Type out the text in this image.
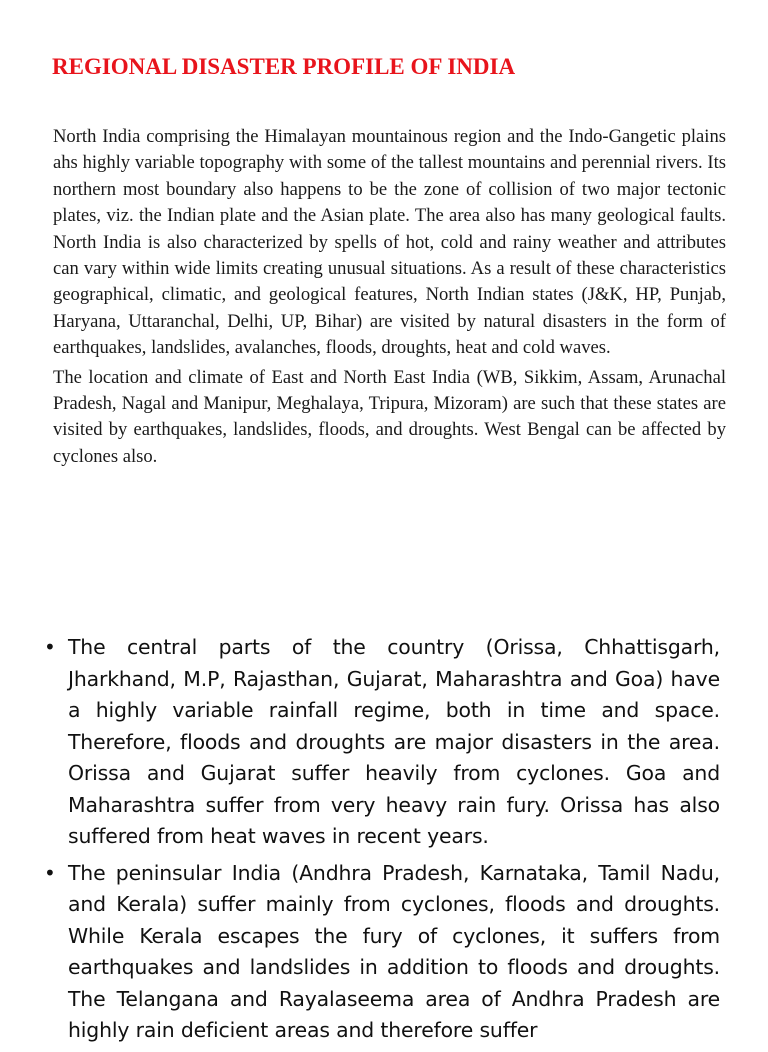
REGIONAL DISASTER PROFILE OF INDIA

North India comprising the Himalayan mountainous region and the Indo-Gangetic plains ahs highly variable topography with some of the tallest mountains and perennial rivers. Its northern most boundary also happens to be the zone of collision of two major tectonic plates, viz. the Indian plate and the Asian plate. The area also has many geological faults. North India is also characterized by spells of hot, cold and rainy weather and attributes can vary within wide limits creating unusual situations. As a result of these characteristics geographical, climatic, and geological features, North Indian states (J&K, HP, Punjab, Haryana, Uttaranchal, Delhi, UP, Bihar) are visited by natural disasters in the form of earthquakes, landslides, avalanches, floods, droughts, heat and cold waves.

The location and climate of East and North East India (WB, Sikkim, Assam, Arunachal Pradesh, Nagal and Manipur, Meghalaya, Tripura, Mizoram) are such that these states are visited by earthquakes, landslides, floods, and droughts. West Bengal can be affected by cyclones also.

• The central parts of the country (Orissa, Chhattisgarh, Jharkhand, M.P, Rajasthan, Gujarat, Maharashtra and Goa) have a highly variable rainfall regime, both in time and space. Therefore, floods and droughts are major disasters in the area. Orissa and Gujarat suffer heavily from cyclones. Goa and Maharashtra suffer from very heavy rain fury. Orissa has also suffered from heat waves in recent years.
• The peninsular India (Andhra Pradesh, Karnataka, Tamil Nadu, and Kerala) suffer mainly from cyclones, floods and droughts. While Kerala escapes the fury of cyclones, it suffers from earthquakes and landslides in addition to floods and droughts. The Telangana and Rayalaseema area of Andhra Pradesh are highly rain deficient areas and therefore suffer
